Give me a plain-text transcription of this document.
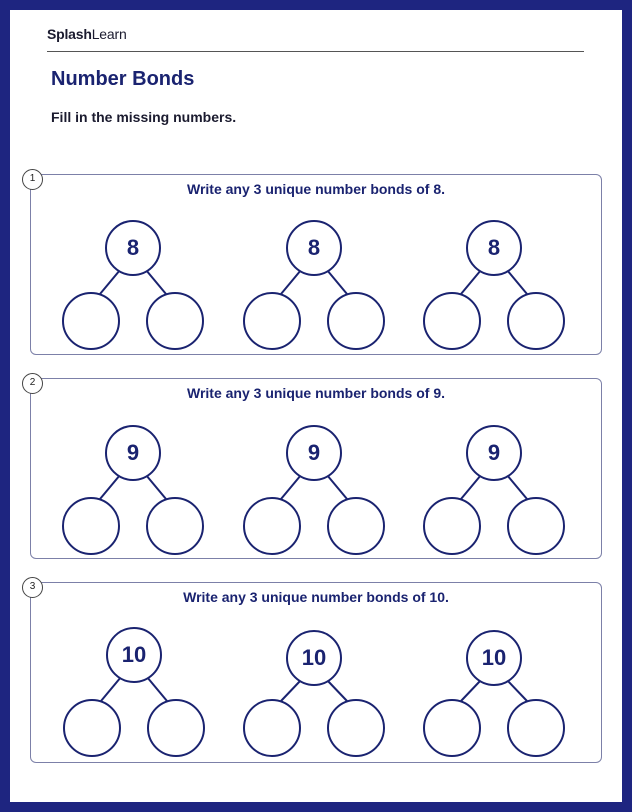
SplashLearn
Number Bonds
Fill in the missing numbers.
1
Write any 3 unique number bonds of 8.
8	8	8
2
Write any 3 unique number bonds of 9.
9	9	9
3
Write any 3 unique number bonds of 10.
10	10	10
